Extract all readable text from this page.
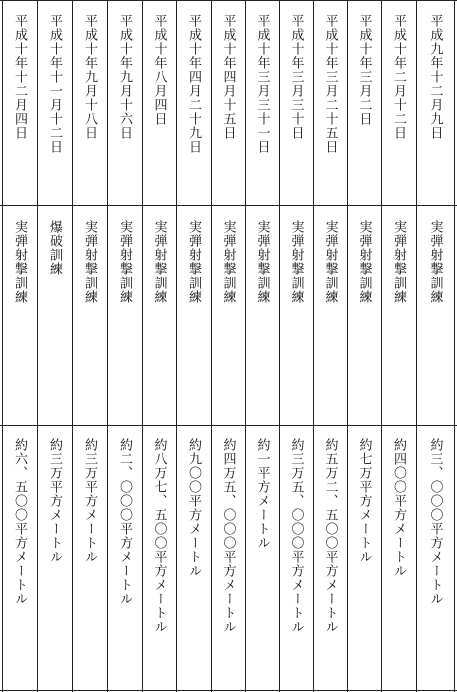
平成九年十二月九日
実弾射撃訓練
約三、〇〇〇平方メートル
平成十年二月十二日
実弾射撃訓練
約四〇〇平方メートル
平成十年三月二日
実弾射撃訓練
約七万平方メートル
平成十年三月二十五日
実弾射撃訓練
約五万二、五〇〇平方メートル
平成十年三月三十日
実弾射撃訓練
約三万五、〇〇〇平方メートル
平成十年三月三十一日
実弾射撃訓練
約一平方メートル
平成十年四月十五日
実弾射撃訓練
約四万五、〇〇〇平方メートル
平成十年四月二十九日
実弾射撃訓練
約九〇〇平方メートル
平成十年八月四日
実弾射撃訓練
約八万七、五〇〇平方メートル
平成十年九月十六日
実弾射撃訓練
約二、〇〇〇平方メートル
平成十年九月十八日
実弾射撃訓練
約三万平方メートル
平成十年十一月十二日
爆破訓練
約三万平方メートル
平成十年十二月四日
実弾射撃訓練
約六、五〇〇平方メートル
